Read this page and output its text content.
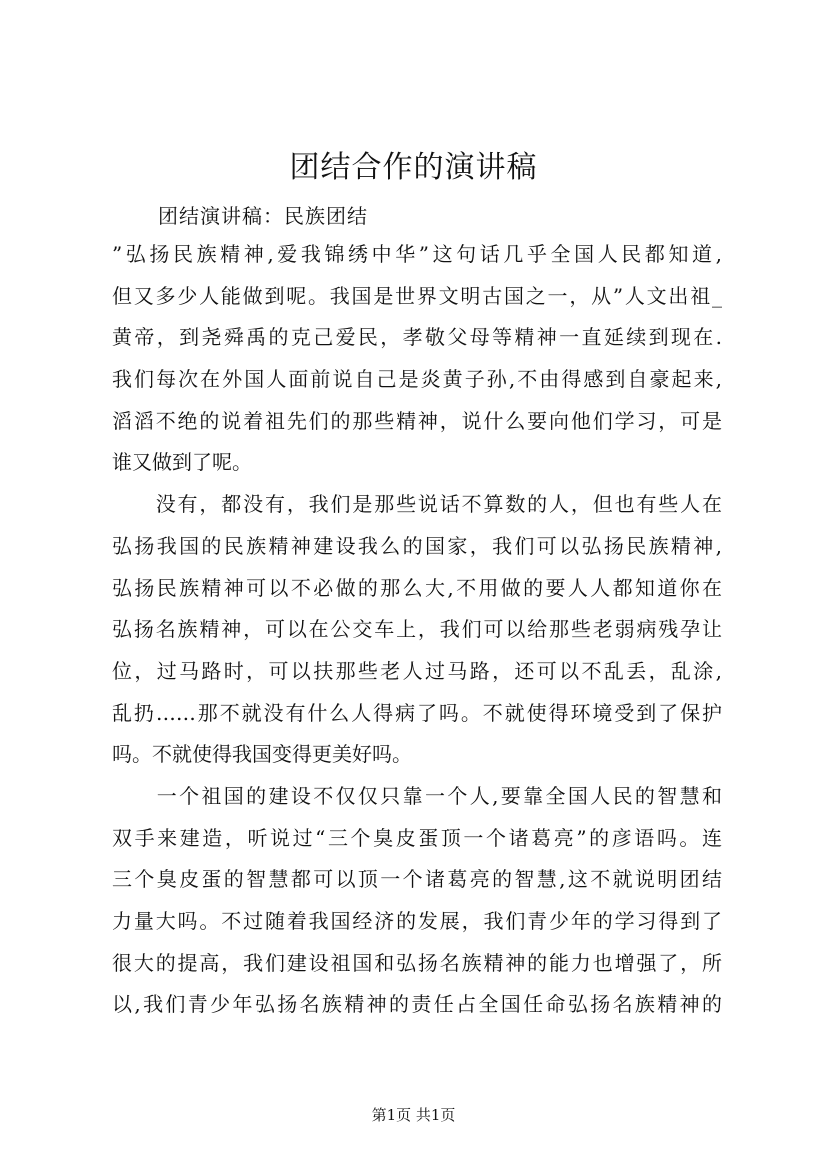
团结合作的演讲稿
团结演讲稿：民族团结
”弘扬民族精神,爱我锦绣中华”这句话几乎全国人民都知道,
但又多少人能做到呢。我国是世界文明古国之一，从”人文出祖_
黄帝，到尧舜禹的克己爱民，孝敬父母等精神一直延续到现在.
我们每次在外国人面前说自己是炎黄子孙,不由得感到自豪起来,
滔滔不绝的说着祖先们的那些精神，说什么要向他们学习，可是
谁又做到了呢。
　　没有，都没有，我们是那些说话不算数的人，但也有些人在
弘扬我国的民族精神建设我么的国家，我们可以弘扬民族精神,
弘扬民族精神可以不必做的那么大,不用做的要人人都知道你在
弘扬名族精神，可以在公交车上，我们可以给那些老弱病残孕让
位，过马路时，可以扶那些老人过马路，还可以不乱丢，乱涂,
乱扔……那不就没有什么人得病了吗。不就使得环境受到了保护
吗。不就使得我国变得更美好吗。
　　一个祖国的建设不仅仅只靠一个人,要靠全国人民的智慧和
双手来建造，听说过“三个臭皮蛋顶一个诸葛亮”的彦语吗。连
三个臭皮蛋的智慧都可以顶一个诸葛亮的智慧,这不就说明团结
力量大吗。不过随着我国经济的发展，我们青少年的学习得到了
很大的提高，我们建设祖国和弘扬名族精神的能力也增强了，所
以,我们青少年弘扬名族精神的责任占全国任命弘扬名族精神的
第1页 共1页
